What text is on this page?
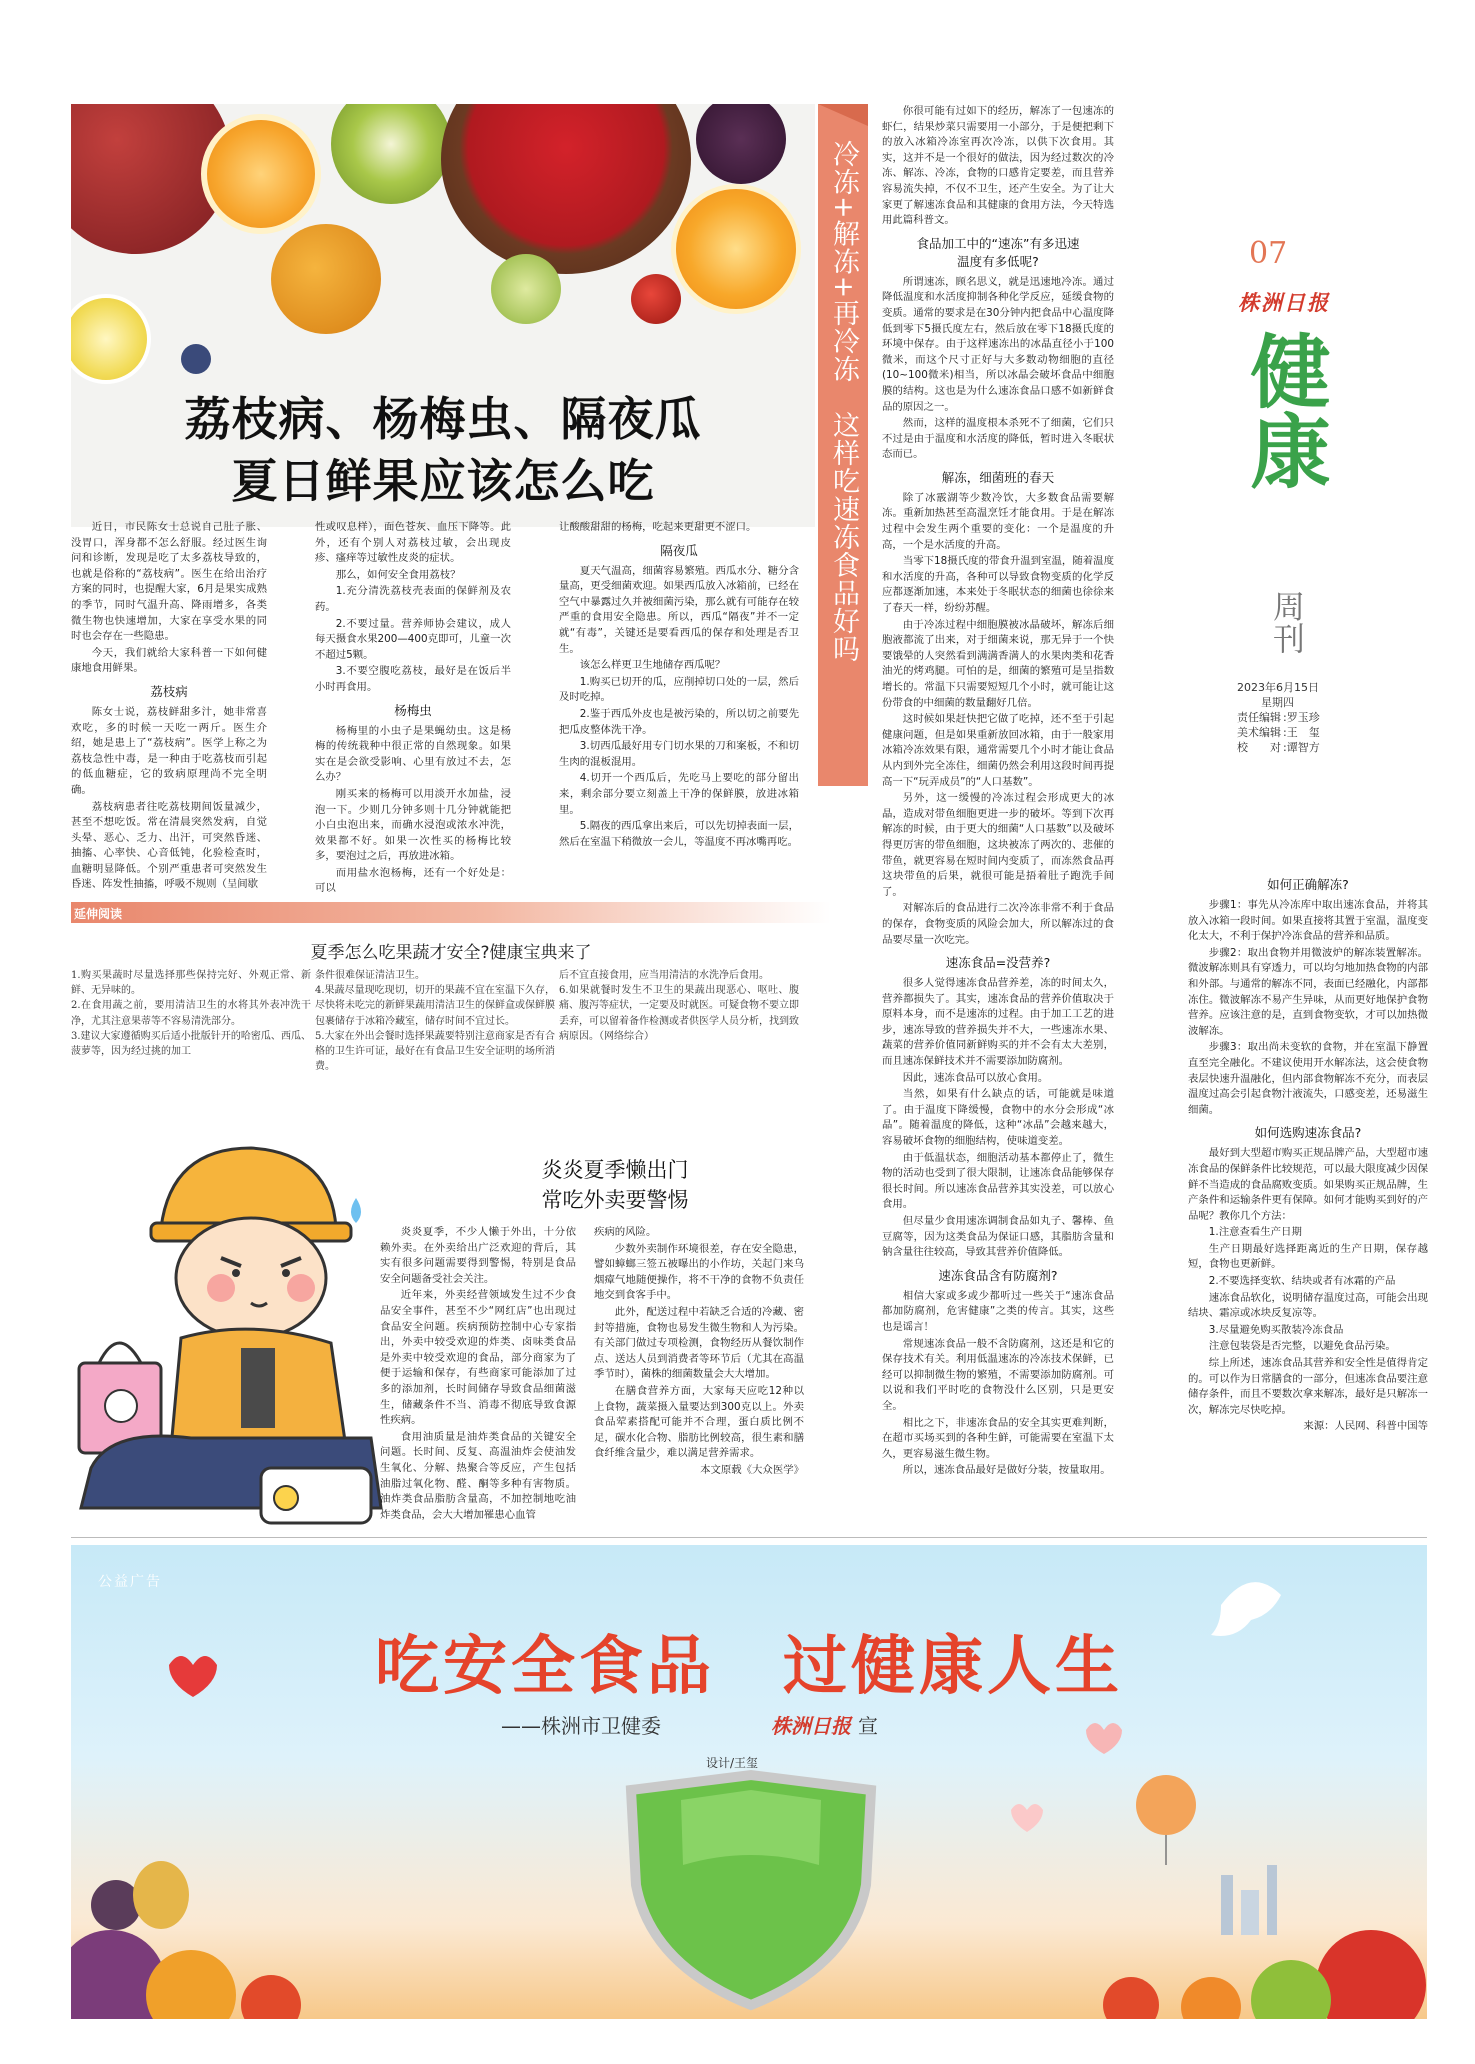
荔枝病、杨梅虫、隔夜瓜
夏日鲜果应该怎么吃
近日，市民陈女士总说自己肚子胀、没胃口，浑身都不怎么舒服。经过医生询问和诊断，发现是吃了太多荔枝导致的，也就是俗称的“荔枝病”。医生在给出治疗方案的同时，也提醒大家，6月是果实成熟的季节，同时气温升高、降雨增多，各类微生物也快速增加，大家在享受水果的同时也会存在一些隐患。
今天，我们就给大家科普一下如何健康地食用鲜果。
荔枝病
陈女士说，荔枝鲜甜多汁，她非常喜欢吃，多的时候一天吃一两斤。医生介绍，她是患上了“荔枝病”。医学上称之为荔枝急性中毒，是一种由于吃荔枝而引起的低血糖症，它的致病原理尚不完全明确。
荔枝病患者往吃荔枝期间饭量减少，甚至不想吃饭。常在清晨突然发病，自觉头晕、恶心、乏力、出汗，可突然昏迷、抽搐、心率快、心音低钝，化验检查时，血糖明显降低。个别严重患者可突然发生昏迷、阵发性抽搐，呼吸不规则（呈间歇
性或叹息样），面色苍灰、血压下降等。此外，还有个别人对荔枝过敏，会出现皮疹、瘙痒等过敏性皮炎的症状。
那么，如何安全食用荔枝？
1.充分清洗荔枝壳表面的保鲜剂及农药。
2.不要过量。营养师协会建议，成人每天摄食水果200—400克即可，儿童一次不超过5颗。
3.不要空腹吃荔枝，最好是在饭后半小时再食用。
杨梅虫
杨梅里的小虫子是果蝇幼虫。这是杨梅的传统栽种中很正常的自然现象。如果实在是会欲受影响、心里有放过不去，怎么办？
刚买来的杨梅可以用淡开水加盐，浸泡一下。少则几分钟多则十几分钟就能把小白虫泡出来，而确水浸泡或浓水冲洗，效果都不好。如果一次性买的杨梅比较多，要泡过之后，再放进冰箱。
而用盐水泡杨梅，还有一个好处是：可以
让酸酸甜甜的杨梅，吃起来更甜更不涩口。
隔夜瓜
夏天气温高，细菌容易繁殖。西瓜水分、糖分含量高，更受细菌欢迎。如果西瓜放入冰箱前，已经在空气中暴露过久并被细菌污染，那么就有可能存在较严重的食用安全隐患。所以，西瓜“隔夜”并不一定就“有毒”，关键还是要看西瓜的保存和处理是否卫生。
该怎么样更卫生地储存西瓜呢？
1.购买已切开的瓜，应削掉切口处的一层，然后及时吃掉。
2.鉴于西瓜外皮也是被污染的，所以切之前要先把瓜皮整体洗干净。
3.切西瓜最好用专门切水果的刀和案板，不和切生肉的混板混用。
4.切开一个西瓜后，先吃马上要吃的部分留出来，剩余部分要立刻盖上干净的保鲜膜，放进冰箱里。
5.隔夜的西瓜拿出来后，可以先切掉表面一层，然后在室温下稍微放一会儿，等温度不再冰嘴再吃。
冷冻+解冻+再冷冻　这样吃速冻食品好吗
你很可能有过如下的经历，解冻了一包速冻的虾仁，结果炒菜只需要用一小部分，于是便把剩下的放入冰箱冷冻室再次冷冻，以供下次食用。其实，这并不是一个很好的做法，因为经过数次的冷冻、解冻、冷冻，食物的口感肯定要差，而且营养容易流失掉，不仅不卫生，还产生安全。为了让大家更了解速冻食品和其健康的食用方法，今天特选用此篇科普文。
食品加工中的“速冻”有多迅速
温度有多低呢?
所谓速冻，顾名思义，就是迅速地冷冻。通过降低温度和水活度抑制各种化学反应，延缓食物的变质。通常的要求是在30分钟内把食品中心温度降低到零下5摄氏度左右，然后放在零下18摄氏度的环境中保存。由于这样速冻出的冰晶直径小于100微米，而这个尺寸正好与大多数动物细胞的直径(10~100微米)相当，所以冰晶会破坏食品中细胞膜的结构。这也是为什么速冻食品口感不如新鲜食品的原因之一。
然而，这样的温度根本杀死不了细菌，它们只不过是由于温度和水活度的降低，暂时进入冬眠状态而已。
解冻，细菌班的春天
除了冰霰湖等少数冷饮，大多数食品需要解冻。重新加热甚至高温烹饪才能食用。于是在解冻过程中会发生两个重要的变化：一个是温度的升高，一个是水活度的升高。
当零下18摄氏度的带食升温到室温，随着温度和水活度的升高，各种可以导致食物变质的化学反应都逐渐加速，本来处于冬眠状态的细菌也徐徐来了春天一样，纷纷苏醒。
由于冷冻过程中细胞膜被冰晶破坏，解冻后细胞液都流了出来，对于细菌来说，那无异于一个快要饿晕的人突然看到满满香满人的水果肉类和花香油光的烤鸡腿。可怕的是，细菌的繁殖可是呈指数增长的。常温下只需要短短几个小时，就可能让这份带食的中细菌的数量翻好几倍。
这时候如果赶快把它做了吃掉，还不至于引起健康问题，但是如果重新放回冰箱，由于一般家用冰箱冷冻效果有限，通常需要几个小时才能让食品从内到外完全冻住，细菌仍然会利用这段时间再提高一下“玩弄成员”的“人口基数”。
另外，这一缓慢的冷冻过程会形成更大的冰晶，造成对带鱼细胞更进一步的破坏。等到下次再解冻的时候，由于更大的细菌“人口基数”以及破坏得更厉害的带鱼细胞，这块被冻了两次的、悲催的带鱼，就更容易在短时间内变质了，而冻然食品再这块带鱼的后果，就很可能是捂着肚子跑洗手间了。
对解冻后的食品进行二次冷冻非常不利于食品的保存，食物变质的风险会加大，所以解冻过的食品要尽量一次吃完。
速冻食品=没营养?
很多人觉得速冻食品营养差，冻的时间太久，营养都损失了。其实，速冻食品的营养价值取决于原料本身，而不是速冻的过程。由于加工工艺的进步，速冻导致的营养损失并不大，一些速冻水果、蔬菜的营养价值同新鲜购买的并不会有太大差别，而且速冻保鲜技术并不需要添加防腐剂。
因此，速冻食品可以放心食用。
当然，如果有什么缺点的话，可能就是味道了。由于温度下降缓慢，食物中的水分会形成“冰晶”。随着温度的降低，这种“冰晶”会越来越大，容易破坏食物的细胞结构，使味道变差。
由于低温状态，细胞活动基本都停止了，微生物的活动也受到了很大限制，让速冻食品能够保存很长时间。所以速冻食品营养其实没差，可以放心食用。
但尽量少食用速冻调制食品如丸子、馨棒、鱼豆腐等，因为这类食品为保证口感，其脂肪含量和钠含量往往较高，导致其营养价值降低。
速冻食品含有防腐剂?
相信大家或多或少都听过一些关于“速冻食品都加防腐剂，危害健康”之类的传言。其实，这些也是谣言！
常规速冻食品一般不含防腐剂，这还是和它的保存技术有关。利用低温速冻的冷冻技术保鲜，已经可以抑制微生物的繁殖，不需要添加防腐剂。可以说和我们平时吃的食物没什么区别，只是更安全。
相比之下，非速冻食品的安全其实更难判断，在超市买场买到的各种生鲜，可能需要在室温下太久，更容易滋生微生物。
所以，速冻食品最好是做好分装，按量取用。
07
株洲日报
健康
周刊
2023年6月15日
星期四
责任编辑 :罗玉珍
美术编辑 :王　玺
校　　对 :谭智方
如何正确解冻?
步骤1：事先从冷冻库中取出速冻食品，并将其放入冰箱一段时间。如果直接将其置于室温，温度变化太大，不利于保护冷冻食品的营养和品质。
步骤2：取出食物并用微波炉的解冻装置解冻。微波解冻则具有穿透力，可以均匀地加热食物的内部和外部。与通常的解冻不同，表面已经融化，内部都冻住。微波解冻不易产生异味，从而更好地保护食物营养。应该注意的是，直到食物变软，才可以加热微波解冻。
步骤3：取出尚未变软的食物，并在室温下静置直至完全融化。不建议使用开水解冻法，这会使食物表层快速升温融化，但内部食物解冻不充分，而表层温度过高会引起食物汁液流失，口感变差，还易滋生细菌。
如何选购速冻食品?
最好到大型超市购买正规品牌产品，大型超市速冻食品的保鲜条件比较规范，可以最大限度减少因保鲜不当造成的食品腐败变质。如果购买正规品牌，生产条件和运输条件更有保障。如何才能购买到好的产品呢？教你几个方法：
1.注意查看生产日期
生产日期最好选择距离近的生产日期，保存越短，食物也更新鲜。
2.不要选择变软、结块或者有冰霜的产品
速冻食品软化，说明储存温度过高，可能会出现结块、霜凉或冰块反复凉等。
3.尽量避免购买散装冷冻食品
注意包装袋是否完整，以避免食品污染。
综上所述，速冻食品其营养和安全性是值得肯定的。可以作为日常膳食的一部分，但速冻食品要注意储存条件，而且不要数次拿来解冻，最好是只解冻一次，解冻完尽快吃掉。
来源：人民网、科普中国等
延伸阅读
夏季怎么吃果蔬才安全?健康宝典来了
1.购买果蔬时尽量选择那些保持完好、外观正常、新鲜、无异味的。
2.在食用蔬之前，要用清洁卫生的水将其外表冲洗干净，尤其注意果蒂等不容易清洗部分。
3.建议大家遵循购买后适小批版针开的哈密瓜、西瓜、菠萝等，因为经过挑的加工
条件很难保证清洁卫生。
4.果蔬尽量现吃现切，切开的果蔬不宜在室温下久存，尽快将未吃完的新鲜果蔬用清洁卫生的保鲜盒或保鲜膜包裹储存于冰箱冷藏室，储存时间不宜过长。
5.大家在外出会餐时选择果蔬要特别注意商家是否有合格的卫生许可证，最好在有食品卫生安全证明的场所消费。
后不宜直接食用，应当用清洁的水洗净后食用。
6.如果就餐时发生不卫生的果蔬出现恶心、呕吐、腹痛、腹泻等症状，一定要及时就医。可疑食物不要立即丢弃，可以留着备作检测或者供医学人员分析，找到致病原因。（网络综合）
炎炎夏季懒出门
常吃外卖要警惕
炎炎夏季，不少人懒于外出，十分依赖外卖。在外卖给出广泛欢迎的背后，其实有很多问题需要得到警惕，特别是食品安全问题备受社会关注。
近年来，外卖经营领域发生过不少食品安全事件，甚至不少“网红店”也出现过食品安全问题。疾病预防控制中心专家指出，外卖中较受欢迎的炸类、卤味类食品是外卖中较受欢迎的食品，部分商家为了便于运输和保存，有些商家可能添加了过多的添加剂，长时间储存导致食品细菌滋生，储藏条件不当、消毒不彻底导致食源性疾病。
食用油质量是油炸类食品的关键安全问题。长时间、反复、高温油炸会使油发生氧化、分解、热聚合等反应，产生包括油脂过氧化物、醛、酮等多种有害物质。油炸类食品脂肪含量高，不加控制地吃油炸类食品，会大大增加罹患心血管
疾病的风险。
少数外卖制作环境很差，存在安全隐患，譬如蟑螂三签五被曝出的小作坊，关起门来乌烟瘴气地随便操作，将不干净的食物不负责任地交到食客手中。
此外，配送过程中若缺乏合适的冷藏、密封等措施，食物也易发生微生物和人为污染。有关部门做过专项检测，食物经历从餐饮制作点、送达人员到消费者等环节后（尤其在高温季节时），菌株的细菌数量会大大增加。
在膳食营养方面，大家每天应吃12种以上食物，蔬菜摄入量要达到300克以上。外卖食品荤素搭配可能并不合理，蛋白质比例不足，碳水化合物、脂肪比例较高，很生素和膳食纤维含量少，难以满足营养需求。
本文原载《大众医学》
公益广告
吃安全食品　过健康人生
——株洲市卫健委	株洲日报 宣
设计/王玺
